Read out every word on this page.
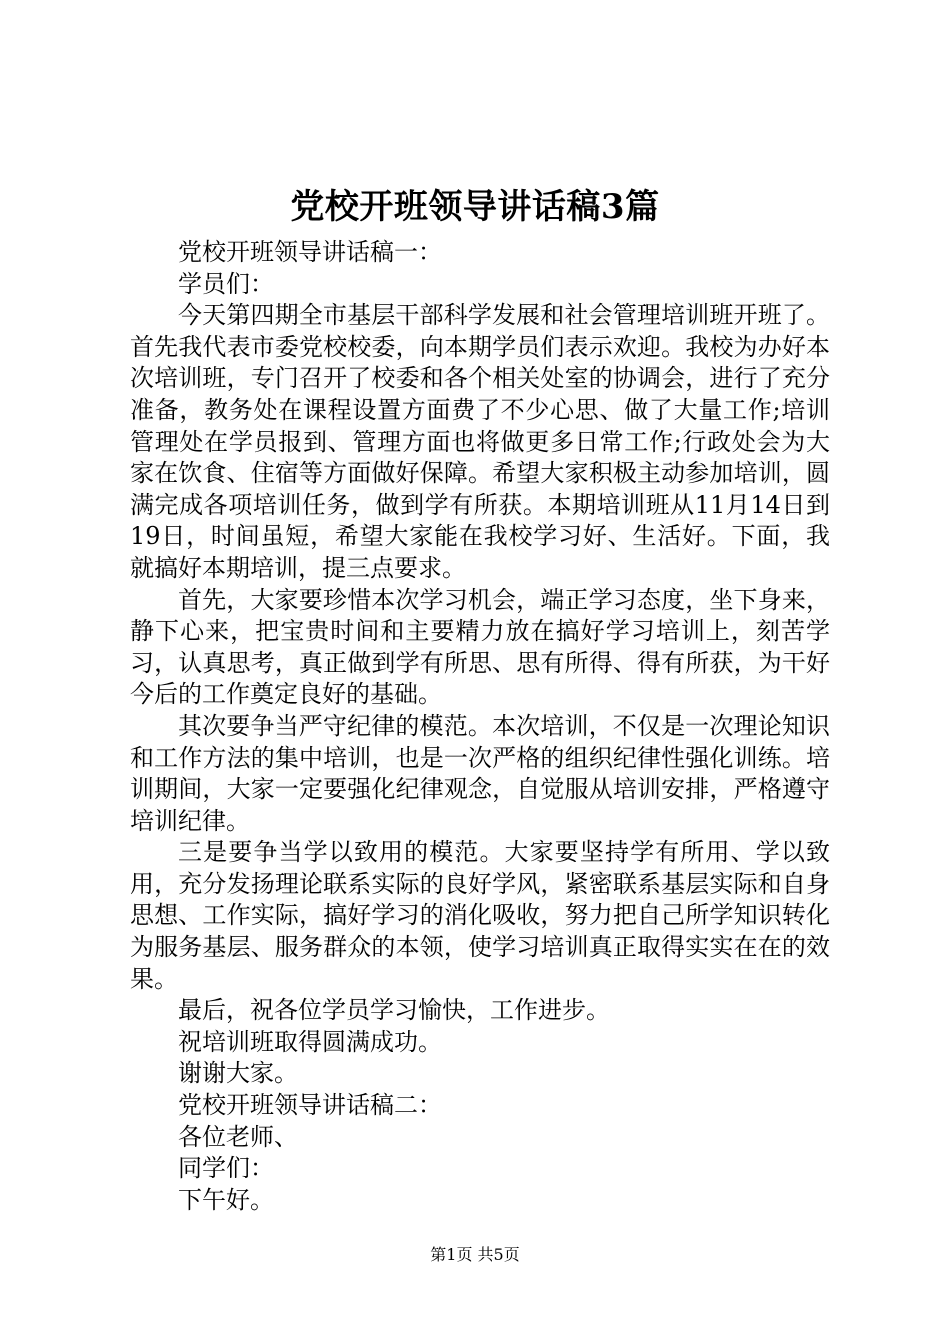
党校开班领导讲话稿3篇

党校开班领导讲话稿一：

学员们：

今天第四期全市基层干部科学发展和社会管理培训班开班了。首先我代表市委党校校委，向本期学员们表示欢迎。我校为办好本次培训班，专门召开了校委和各个相关处室的协调会，进行了充分准备，教务处在课程设置方面费了不少心思、做了大量工作;培训管理处在学员报到、管理方面也将做更多日常工作;行政处会为大家在饮食、住宿等方面做好保障。希望大家积极主动参加培训，圆满完成各项培训任务，做到学有所获。本期培训班从11月14日到19日，时间虽短，希望大家能在我校学习好、生活好。下面，我就搞好本期培训，提三点要求。

首先，大家要珍惜本次学习机会，端正学习态度，坐下身来，静下心来，把宝贵时间和主要精力放在搞好学习培训上，刻苦学习，认真思考，真正做到学有所思、思有所得、得有所获，为干好今后的工作奠定良好的基础。

其次要争当严守纪律的模范。本次培训，不仅是一次理论知识和工作方法的集中培训，也是一次严格的组织纪律性强化训练。培训期间，大家一定要强化纪律观念，自觉服从培训安排，严格遵守培训纪律。

三是要争当学以致用的模范。大家要坚持学有所用、学以致用，充分发扬理论联系实际的良好学风，紧密联系基层实际和自身思想、工作实际，搞好学习的消化吸收，努力把自己所学知识转化为服务基层、服务群众的本领，使学习培训真正取得实实在在的效果。

最后，祝各位学员学习愉快，工作进步。

祝培训班取得圆满成功。

谢谢大家。

党校开班领导讲话稿二：

各位老师、

同学们：

下午好。

第1页 共5页
